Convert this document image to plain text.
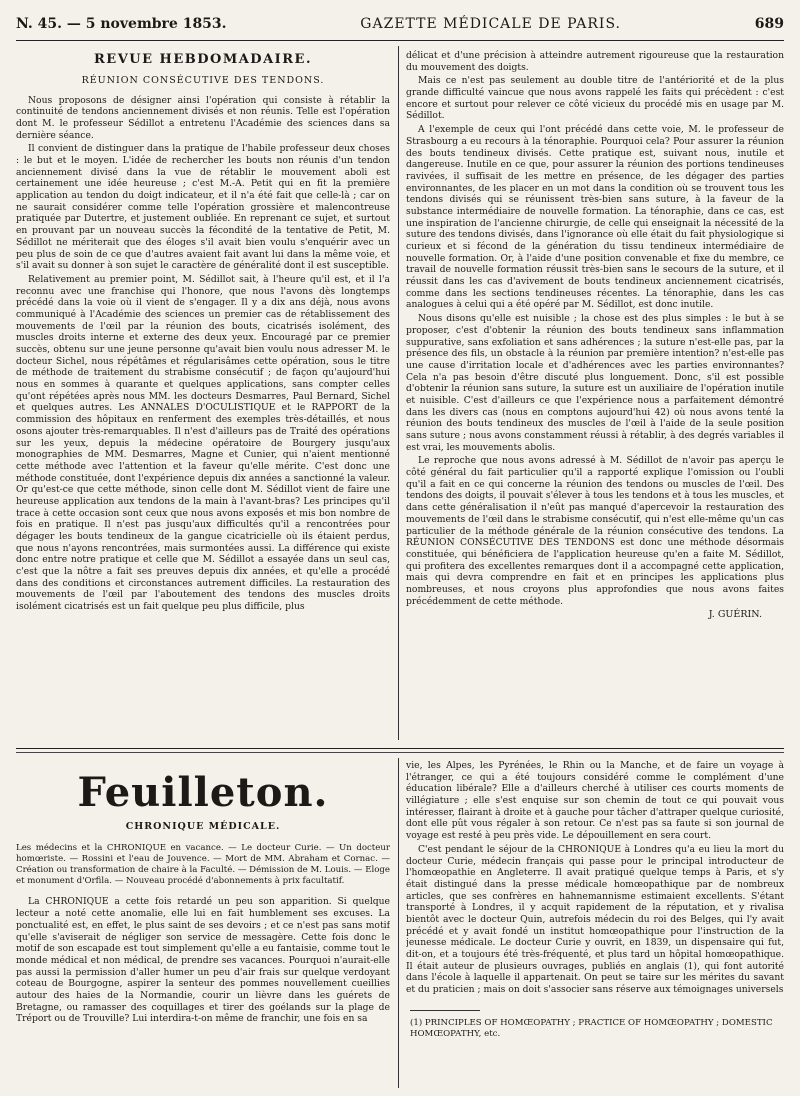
N. 45. — 5 novembre 1853.	GAZETTE MÉDICALE DE PARIS.	689
REVUE HEBDOMADAIRE.
RÉUNION CONSÉCUTIVE DES TENDONS.

Nous proposons de désigner ainsi l'opération qui consiste à rétablir la continuité de tendons anciennement divisés et non réunis. Telle est l'opération dont M. le professeur Sédillot a entretenu l'Académie des sciences dans sa dernière séance.

Il convient de distinguer dans la pratique de l'habile professeur deux choses : le but et le moyen. L'idée de rechercher les bouts non réunis d'un tendon anciennement divisé dans la vue de rétablir le mouvement aboli est certainement une idée heureuse ; c'est M.-A. Petit qui en fit la première application au tendon du doigt indicateur, et il n'a été fait que celle-là ; car on ne saurait considérer comme telle l'opération grossière et malencontreuse pratiquée par Dutertre, et justement oubliée. En reprenant ce sujet, et surtout en prouvant par un nouveau succès la fécondité de la tentative de Petit, M. Sédillot ne mériterait que des éloges s'il avait bien voulu s'enquérir avec un peu plus de soin de ce que d'autres avaient fait avant lui dans la même voie, et s'il avait su donner à son sujet le caractère de généralité dont il est susceptible.

Relativement au premier point, M. Sédillot sait, à l'heure qu'il est, et il l'a reconnu avec une franchise qui l'honore, que nous l'avons dès longtemps précédé dans la voie où il vient de s'engager. Il y a dix ans déjà, nous avons communiqué à l'Académie des sciences un premier cas de rétablissement des mouvements de l'œil par la réunion des bouts, cicatrisés isolément, des muscles droits interne et externe des deux yeux. Encouragé par ce premier succès, obtenu sur une jeune personne qu'avait bien voulu nous adresser M. le docteur Sichel, nous répétâmes et régularisâmes cette opération, sous le titre de méthode de traitement du strabisme consécutif ; de façon qu'aujourd'hui nous en sommes à quarante et quelques applications, sans compter celles qu'ont répétées après nous MM. les docteurs Desmarres, Paul Bernard, Sichel et quelques autres. Les ANNALES D'OCULISTIQUE et le RAPPORT de la commission des hôpitaux en renferment des exemples très-détaillés, et nous osons ajouter très-remarquables. Il n'est d'ailleurs pas de Traité des opérations sur les yeux, depuis la médecine opératoire de Bourgery jusqu'aux monographies de MM. Desmarres, Magne et Cunier, qui n'aient mentionné cette méthode avec l'attention et la faveur qu'elle mérite. C'est donc une méthode constituée, dont l'expérience depuis dix années a sanctionné la valeur. Or qu'est-ce que cette méthode, sinon celle dont M. Sédillot vient de faire une heureuse application aux tendons de la main à l'avant-bras? Les principes qu'il trace à cette occasion sont ceux que nous avons exposés et mis bon nombre de fois en pratique. Il n'est pas jusqu'aux difficultés qu'il a rencontrées pour dégager les bouts tendineux de la gangue cicatricielle où ils étaient perdus, que nous n'ayons rencontrées, mais surmontées aussi. La différence qui existe donc entre notre pratique et celle que M. Sédillot a essayée dans un seul cas, c'est que la nôtre a fait ses preuves depuis dix années, et qu'elle a procédé dans des conditions et circonstances autrement difficiles. La restauration des mouvements de l'œil par l'aboutement des tendons des muscles droits isolément cicatrisés est un fait quelque peu plus difficile, plus

délicat et d'une précision à atteindre autrement rigoureuse que la restauration du mouvement des doigts.

Mais ce n'est pas seulement au double titre de l'antériorité et de la plus grande difficulté vaincue que nous avons rappelé les faits qui précèdent : c'est encore et surtout pour relever ce côté vicieux du procédé mis en usage par M. Sédillot.

A l'exemple de ceux qui l'ont précédé dans cette voie, M. le professeur de Strasbourg a eu recours à la ténoraphie. Pourquoi cela? Pour assurer la réunion des bouts tendineux divisés. Cette pratique est, suivant nous, inutile et dangereuse. Inutile en ce que, pour assurer la réunion des portions tendineuses ravivées, il suffisait de les mettre en présence, de les dégager des parties environnantes, de les placer en un mot dans la condition où se trouvent tous les tendons divisés qui se réunissent très-bien sans suture, à la faveur de la substance intermédiaire de nouvelle formation. La ténoraphie, dans ce cas, est une inspiration de l'ancienne chirurgie, de celle qui enseignait la nécessité de la suture des tendons divisés, dans l'ignorance où elle était du fait physiologique si curieux et si fécond de la génération du tissu tendineux intermédiaire de nouvelle formation. Or, à l'aide d'une position convenable et fixe du membre, ce travail de nouvelle formation réussit très-bien sans le secours de la suture, et il réussit dans les cas d'avivement de bouts tendineux anciennement cicatrisés, comme dans les sections tendineuses récentes. La ténoraphie, dans les cas analogues à celui qui a été opéré par M. Sédillot, est donc inutile.

Nous disons qu'elle est nuisible ; la chose est des plus simples : le but à se proposer, c'est d'obtenir la réunion des bouts tendineux sans inflammation suppurative, sans exfoliation et sans adhérences ; la suture n'est-elle pas, par la présence des fils, un obstacle à la réunion par première intention? n'est-elle pas une cause d'irritation locale et d'adhérences avec les parties environnantes? Cela n'a pas besoin d'être discuté plus longuement. Donc, s'il est possible d'obtenir la réunion sans suture, la suture est un auxiliaire de l'opération inutile et nuisible. C'est d'ailleurs ce que l'expérience nous a parfaitement démontré dans les divers cas (nous en comptons aujourd'hui 42) où nous avons tenté la réunion des bouts tendineux des muscles de l'œil à l'aide de la seule position sans suture ; nous avons constamment réussi à rétablir, à des degrés variables il est vrai, les mouvements abolis.

Le reproche que nous avons adressé à M. Sédillot de n'avoir pas aperçu le côté général du fait particulier qu'il a rapporté explique l'omission ou l'oubli qu'il a fait en ce qui concerne la réunion des tendons ou muscles de l'œil. Des tendons des doigts, il pouvait s'élever à tous les tendons et à tous les muscles, et dans cette généralisation il n'eût pas manqué d'apercevoir la restauration des mouvements de l'œil dans le strabisme consécutif, qui n'est elle-même qu'un cas particulier de la méthode générale de la réunion consécutive des tendons. La RÉUNION CONSÉCUTIVE DES TENDONS est donc une méthode désormais constituée, qui bénéficiera de l'application heureuse qu'en a faite M. Sédillot, qui profitera des excellentes remarques dont il a accompagné cette application, mais qui devra comprendre en fait et en principes les applications plus nombreuses, et nous croyons plus approfondies que nous avons faites précédemment de cette méthode.

J. GUÉRIN.
Feuilleton.
CHRONIQUE MÉDICALE.

Les médecins et la CHRONIQUE en vacance. — Le docteur Curie. — Un docteur homœriste. — Rossini et l'eau de Jouvence. — Mort de MM. Abraham et Cornac. — Création ou transformation de chaire à la Faculté. — Démission de M. Louis. — Eloge et monument d'Orfila. — Nouveau procédé d'abonnements à prix facultatif.

La CHRONIQUE a cette fois retardé un peu son apparition. Si quelque lecteur a noté cette anomalie, elle lui en fait humblement ses excuses. La ponctualité est, en effet, le plus saint de ses devoirs ; et ce n'est pas sans motif qu'elle s'aviserait de négliger son service de messagère. Cette fois donc le motif de son escapade est tout simplement qu'elle a eu fantaisie, comme tout le monde médical et non médical, de prendre ses vacances. Pourquoi n'aurait-elle pas aussi la permission d'aller humer un peu d'air frais sur quelque verdoyant coteau de Bourgogne, aspirer la senteur des pommes nouvellement cueillies autour des haies de la Normandie, courir un lièvre dans les guérets de Bretagne, ou ramasser des coquillages et tirer des goélands sur la plage de Tréport ou de Trouville? Lui interdira-t-on même de franchir, une fois en sa

vie, les Alpes, les Pyrénées, le Rhin ou la Manche, et de faire un voyage à l'étranger, ce qui a été toujours considéré comme le complément d'une éducation libérale? Elle a d'ailleurs cherché à utiliser ces courts moments de villégiature ; elle s'est enquise sur son chemin de tout ce qui pouvait vous intéresser, flairant à droite et à gauche pour tâcher d'attraper quelque curiosité, dont elle pût vous régaler à son retour. Ce n'est pas sa faute si son journal de voyage est resté à peu près vide. Le dépouillement en sera court.

C'est pendant le séjour de la CHRONIQUE à Londres qu'a eu lieu la mort du docteur Curie, médecin français qui passe pour le principal introducteur de l'homœopathie en Angleterre. Il avait pratiqué quelque temps à Paris, et s'y était distingué dans la presse médicale homœopathique par de nombreux articles, que ses confrères en hahnemannisme estimaient excellents. S'étant transporté à Londres, il y acquit rapidement de la réputation, et y rivalisa bientôt avec le docteur Quin, autrefois médecin du roi des Belges, qui l'y avait précédé et y avait fondé un institut homœopathique pour l'instruction de la jeunesse médicale. Le docteur Curie y ouvrit, en 1839, un dispensaire qui fut, dit-on, et a toujours été très-fréquenté, et plus tard un hôpital homœopathique. Il était auteur de plusieurs ouvrages, publiés en anglais (1), qui font autorité dans l'école à laquelle il appartenait. On peut se taire sur les mérites du savant et du praticien ; mais on doit s'associer sans réserve aux témoignages universels

(1) PRINCIPLES OF HOMŒOPATHY ; PRACTICE OF HOMŒOPATHY ; DOMESTIC HOMŒOPATHY, etc.
